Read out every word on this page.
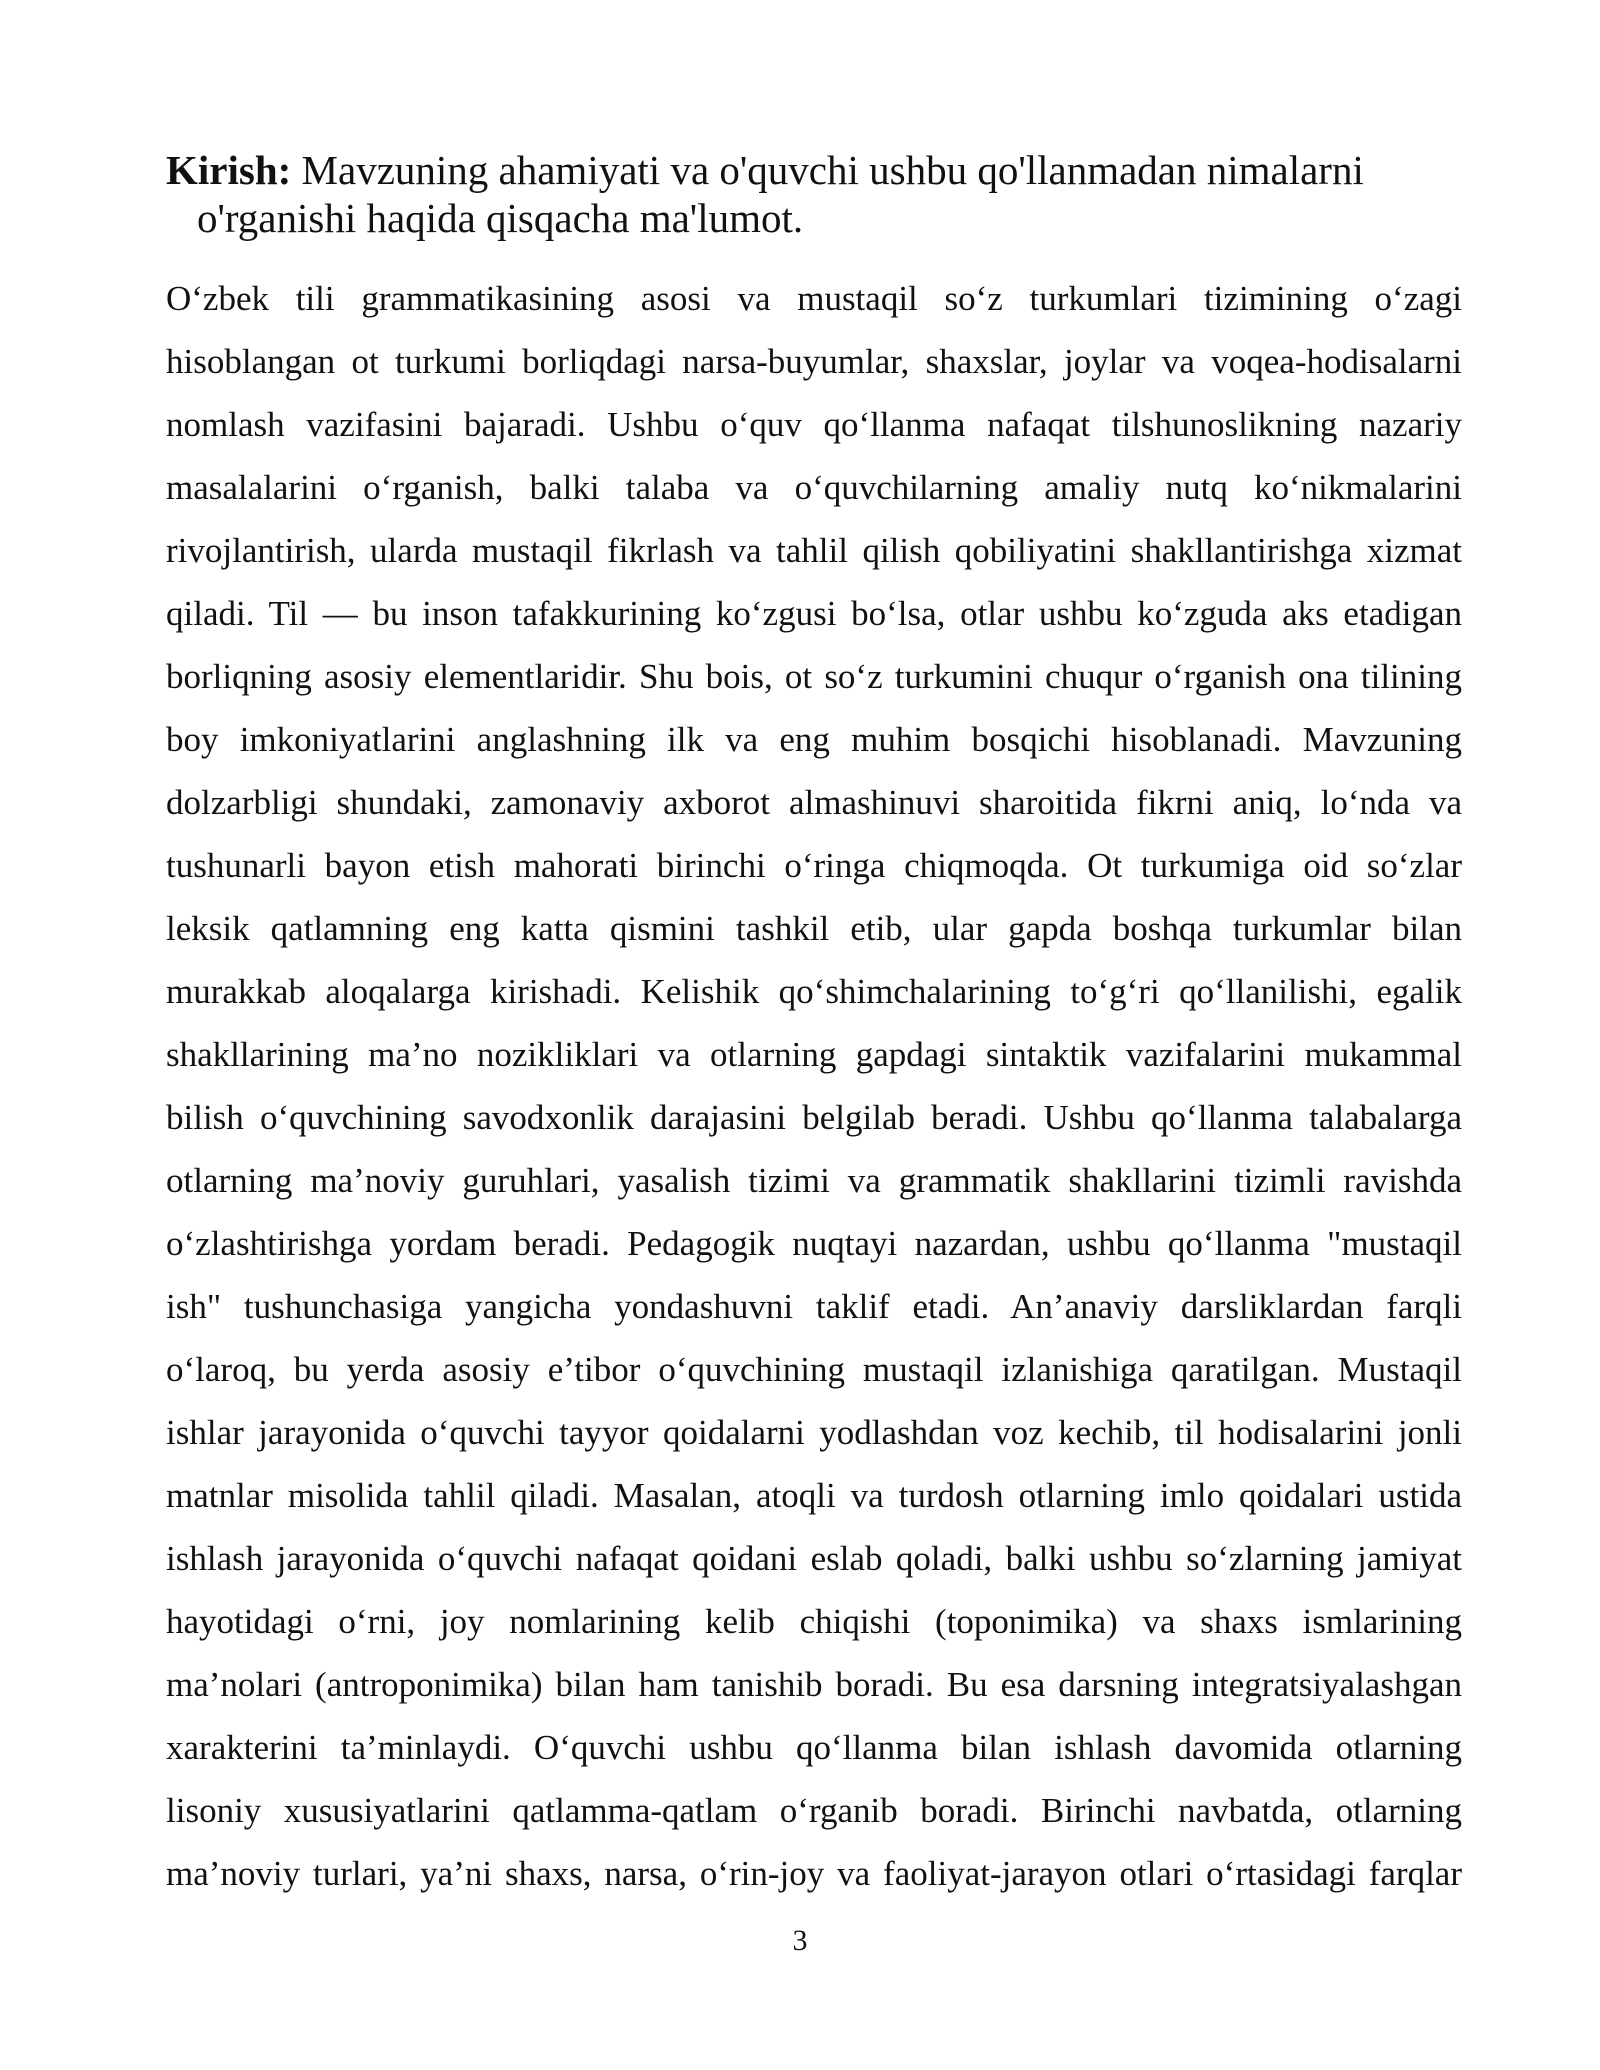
Kirish: Mavzuning ahamiyati va o'quvchi ushbu qo'llanmadan nimalarni o'rganishi haqida qisqacha ma'lumot.
O‘zbek tili grammatikasining asosi va mustaqil so‘z turkumlari tizimining o‘zagi
hisoblangan ot turkumi borliqdagi narsa-buyumlar, shaxslar, joylar va voqea-hodisalarni
nomlash vazifasini bajaradi. Ushbu o‘quv qo‘llanma nafaqat tilshunoslikning nazariy
masalalarini o‘rganish, balki talaba va o‘quvchilarning amaliy nutq ko‘nikmalarini
rivojlantirish, ularda mustaqil fikrlash va tahlil qilish qobiliyatini shakllantirishga xizmat
qiladi. Til — bu inson tafakkurining ko‘zgusi bo‘lsa, otlar ushbu ko‘zguda aks etadigan
borliqning asosiy elementlaridir. Shu bois, ot so‘z turkumini chuqur o‘rganish ona tilining
boy imkoniyatlarini anglashning ilk va eng muhim bosqichi hisoblanadi. Mavzuning
dolzarbligi shundaki, zamonaviy axborot almashinuvi sharoitida fikrni aniq, lo‘nda va
tushunarli bayon etish mahorati birinchi o‘ringa chiqmoqda. Ot turkumiga oid so‘zlar
leksik qatlamning eng katta qismini tashkil etib, ular gapda boshqa turkumlar bilan
murakkab aloqalarga kirishadi. Kelishik qo‘shimchalarining to‘g‘ri qo‘llanilishi, egalik
shakllarining ma’no nozikliklari va otlarning gapdagi sintaktik vazifalarini mukammal
bilish o‘quvchining savodxonlik darajasini belgilab beradi. Ushbu qo‘llanma talabalarga
otlarning ma’noviy guruhlari, yasalish tizimi va grammatik shakllarini tizimli ravishda
o‘zlashtirishga yordam beradi. Pedagogik nuqtayi nazardan, ushbu qo‘llanma "mustaqil
ish" tushunchasiga yangicha yondashuvni taklif etadi. An’anaviy darsliklardan farqli
o‘laroq, bu yerda asosiy e’tibor o‘quvchining mustaqil izlanishiga qaratilgan. Mustaqil
ishlar jarayonida o‘quvchi tayyor qoidalarni yodlashdan voz kechib, til hodisalarini jonli
matnlar misolida tahlil qiladi. Masalan, atoqli va turdosh otlarning imlo qoidalari ustida
ishlash jarayonida o‘quvchi nafaqat qoidani eslab qoladi, balki ushbu so‘zlarning jamiyat
hayotidagi o‘rni, joy nomlarining kelib chiqishi (toponimika) va shaxs ismlarining
ma’nolari (antroponimika) bilan ham tanishib boradi. Bu esa darsning integratsiyalashgan
xarakterini ta’minlaydi. O‘quvchi ushbu qo‘llanma bilan ishlash davomida otlarning
lisoniy xususiyatlarini qatlamma-qatlam o‘rganib boradi. Birinchi navbatda, otlarning
ma’noviy turlari, ya’ni shaxs, narsa, o‘rin-joy va faoliyat-jarayon otlari o‘rtasidagi farqlar
3
